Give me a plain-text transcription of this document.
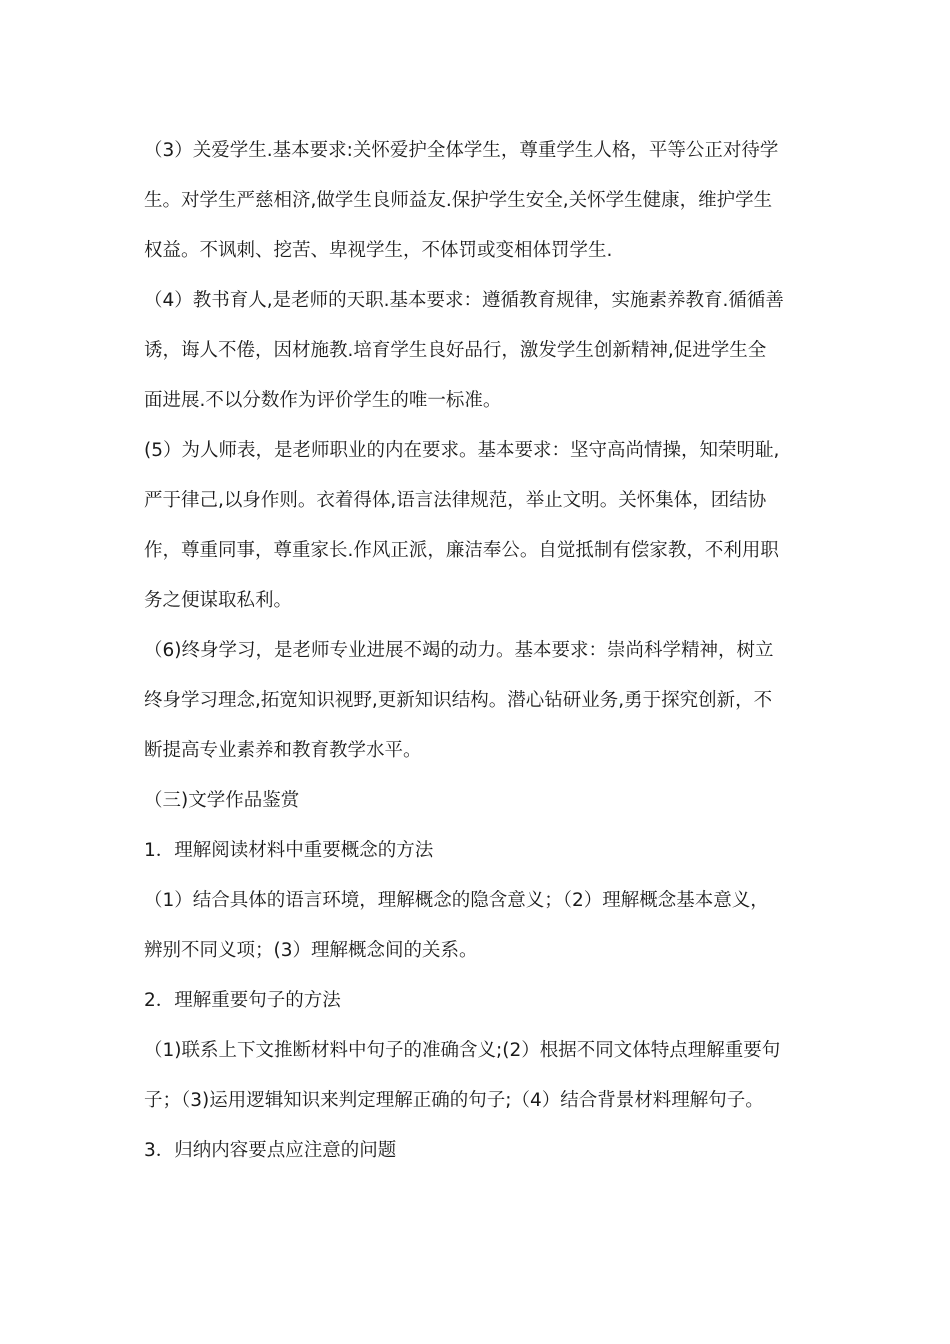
（3）关爱学生.基本要求:关怀爱护全体学生，尊重学生人格，平等公正对待学
生。对学生严慈相济,做学生良师益友.保护学生安全,关怀学生健康，维护学生
权益。不讽刺、挖苦、卑视学生，不体罚或变相体罚学生.
（4）教书育人,是老师的天职.基本要求：遵循教育规律，实施素养教育.循循善
诱，诲人不倦，因材施教.培育学生良好品行，激发学生创新精神,促进学生全
面进展.不以分数作为评价学生的唯一标准。
(5）为人师表，是老师职业的内在要求。基本要求：坚守高尚情操，知荣明耻,
严于律己,以身作则。衣着得体,语言法律规范，举止文明。关怀集体，团结协
作，尊重同事，尊重家长.作风正派，廉洁奉公。自觉抵制有偿家教，不利用职
务之便谋取私利。
（6)终身学习，是老师专业进展不竭的动力。基本要求：崇尚科学精神，树立
终身学习理念,拓宽知识视野,更新知识结构。潜心钻研业务,勇于探究创新，不
断提高专业素养和教育教学水平。
（三)文学作品鉴赏
1．理解阅读材料中重要概念的方法
（1）结合具体的语言环境，理解概念的隐含意义；（2）理解概念基本意义，
辨别不同义项；(3）理解概念间的关系。
2．理解重要句子的方法
（1)联系上下文推断材料中句子的准确含义;(2）根据不同文体特点理解重要句
子；（3)运用逻辑知识来判定理解正确的句子;（4）结合背景材料理解句子。
3．归纳内容要点应注意的问题
